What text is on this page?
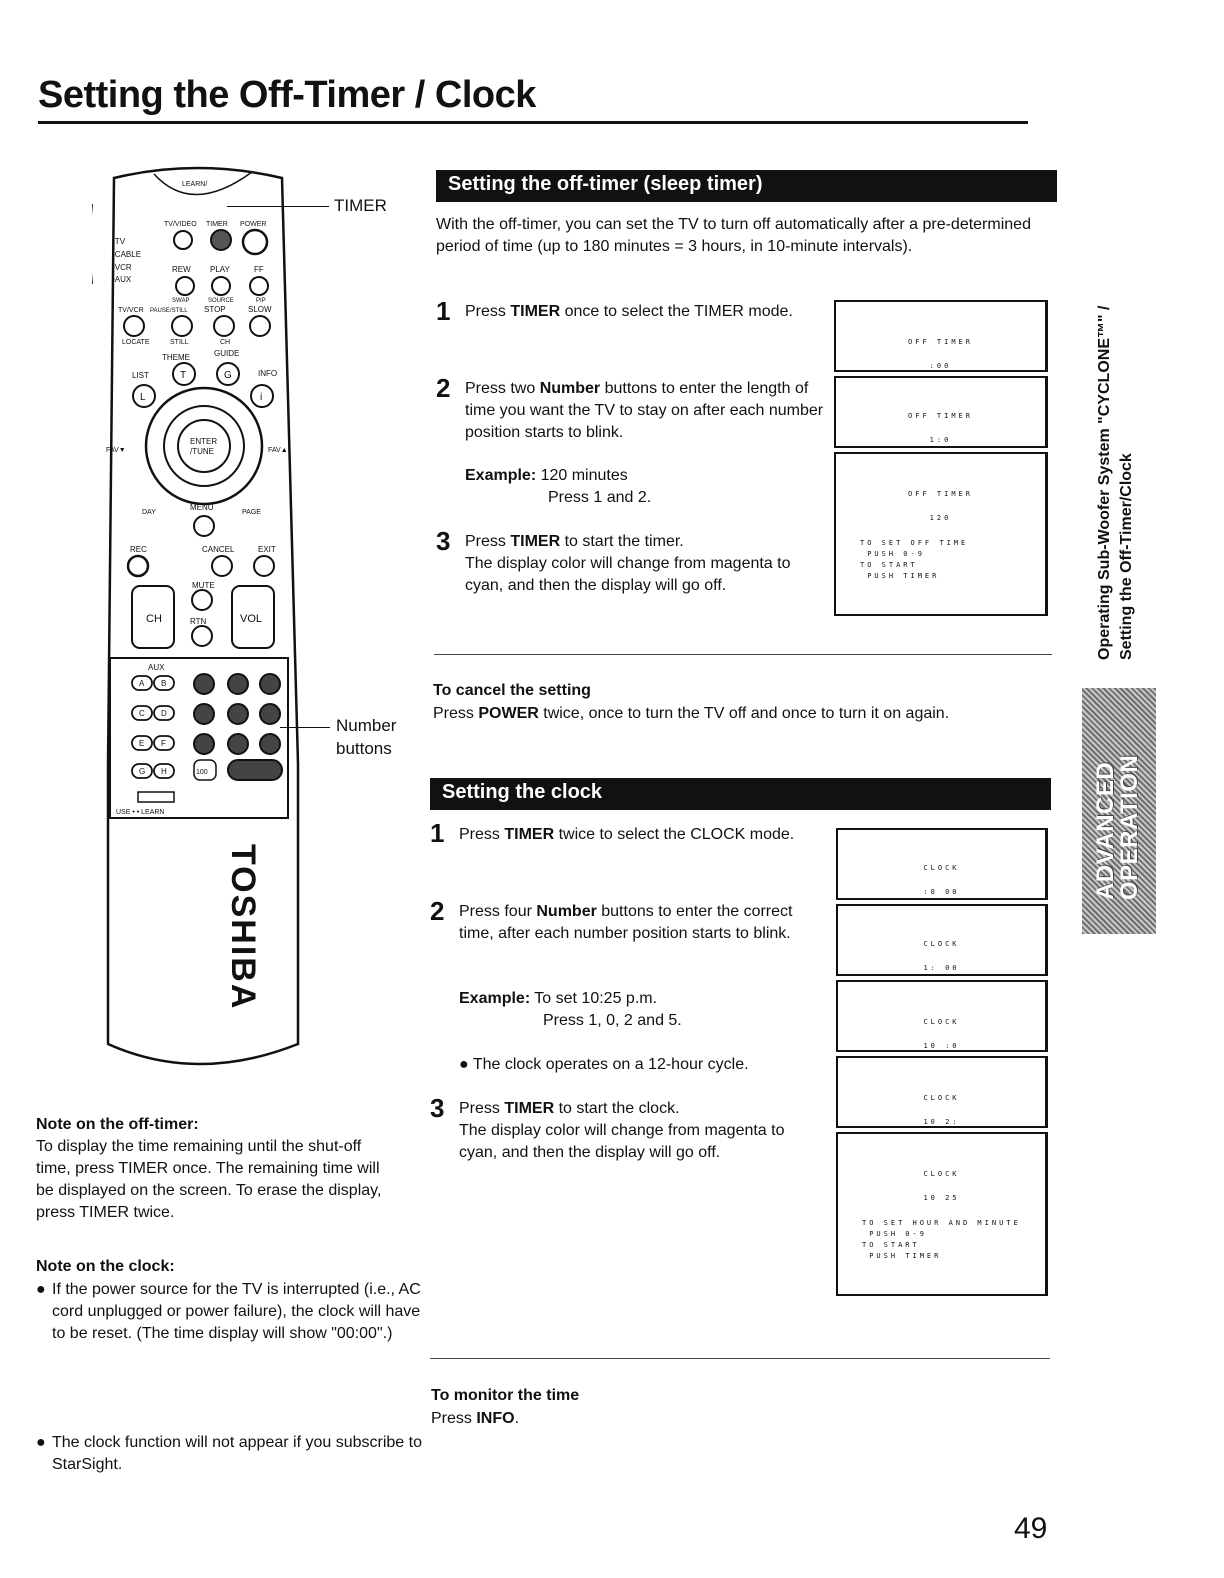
Setting the Off-Timer / Clock
LEARN/
•TV
•CABLE
•VCR
•AUX
TV/VIDEO TIMER POWER
REW PLAY	FF
SWAP	SOURCE	PIP
TV/VCR PAUSE/STILL STOP	SLOW
LOCATE	STILL	CH
THEME	GUIDE
LIST	INFO
T	G
L	i
ENTER
/TUNE
FAV▼	FAV▲
DAY
MENU
PAGE
REC	CANCEL	EXIT
MUTE
CH	VOL
RTN
AUX
A B
C D
E F
G H	100
USE • • LEARN
TOSHIBA
TIMER
Number
buttons
Setting the off-timer (sleep timer)
With the off-timer, you can set the TV to turn off automatically after a pre-determined period of time (up to 180 minutes = 3 hours, in 10-minute intervals).
1 Press TIMER once to select the TIMER mode.
2 Press two Number buttons to enter the length of time you want the TV to stay on after each number position starts to blink.
Example: 120 minutes
Press 1 and 2.
3 Press TIMER to start the timer.
The display color will change from magenta to cyan, and then the display will go off.
OFF TIMER
:00
OFF TIMER
1:0
OFF TIMER
120
TO SET OFF TIME
PUSH 0-9
TO START
PUSH TIMER
To cancel the setting
Press POWER twice, once to turn the TV off and once to turn it on again.
Setting the clock
1 Press TIMER twice to select the CLOCK mode.
2 Press four Number buttons to enter the correct time, after each number position starts to blink.
Example: To set 10:25 p.m.
Press 1, 0, 2 and 5.
● The clock operates on a 12-hour cycle.
3 Press TIMER to start the clock.
The display color will change from magenta to cyan, and then the display will go off.
CLOCK
:0 00
CLOCK
1: 00
CLOCK
10 :0
CLOCK
10 2:
CLOCK
10 25
TO SET HOUR AND MINUTE
PUSH 0-9
TO START
PUSH TIMER
To monitor the time
Press INFO.
Note on the off-timer:
To display the time remaining until the shut-off time, press TIMER once. The remaining time will be displayed on the screen. To erase the display, press TIMER twice.
Note on the clock:
● If the power source for the TV is interrupted (i.e., AC cord unplugged or power failure), the clock will have to be reset. (The time display will show "00:00".)
● The clock function will not appear if you subscribe to StarSight.
Operating Sub-Woofer System "CYCLONE™" / Setting the Off-Timer/Clock
ADVANCED
OPERATION
49
